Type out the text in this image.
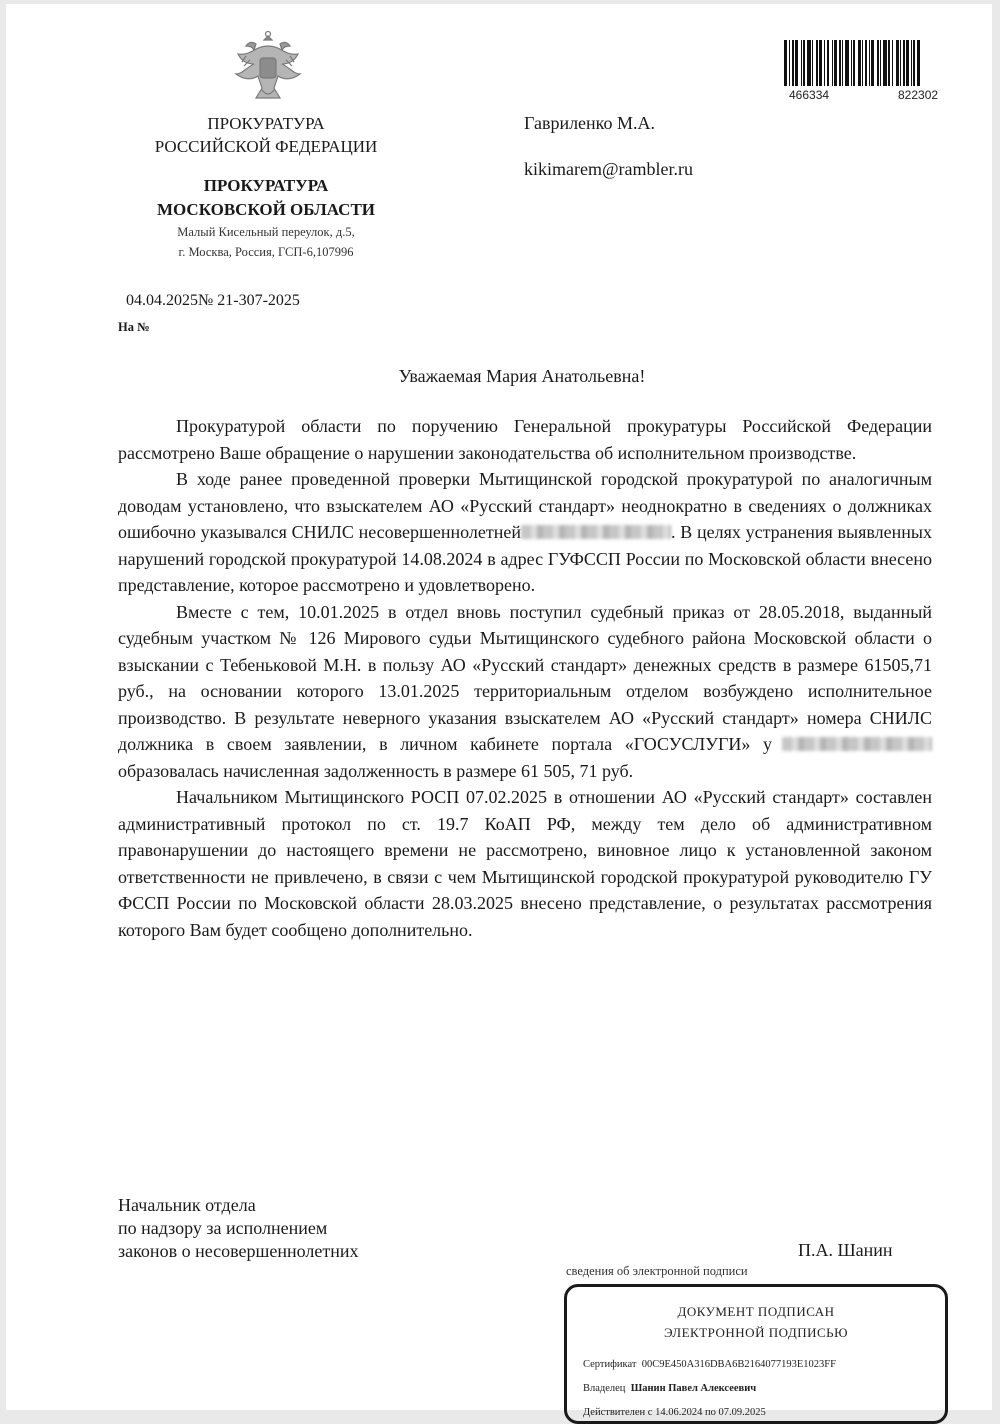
ПРОКУРАТУРА
РОССИЙСКОЙ ФЕДЕРАЦИИ
ПРОКУРАТУРА
МОСКОВСКОЙ ОБЛАСТИ
Малый Кисельный переулок, д.5,
г. Москва, Россия, ГСП-6,107996
04.04.2025№ 21-307-2025
На №
Гавриленко М.А.
kikimarem@rambler.ru
466334	822302
Уважаемая Мария Анатольевна!

Прокуратурой области по поручению Генеральной прокуратуры Российской Федерации рассмотрено Ваше обращение о нарушении законодательства об исполнительном производстве.

В ходе ранее проведенной проверки Мытищинской городской прокуратурой по аналогичным доводам установлено, что взыскателем АО «Русский стандарт» неоднократно в сведениях о должниках ошибочно указывался СНИЛС несовершеннолетней	. В целях устранения выявленных нарушений городской прокуратурой 14.08.2024 в адрес ГУФССП России по Московской области внесено представление, которое рассмотрено и удовлетворено.

Вместе с тем, 10.01.2025 в отдел вновь поступил судебный приказ от 28.05.2018, выданный судебным участком № 126 Мирового судьи Мытищинского судебного района Московской области о взыскании с Тебеньковой М.Н. в пользу АО «Русский стандарт» денежных средств в размере 61505,71 руб., на основании которого 13.01.2025 территориальным отделом возбуждено исполнительное производство. В результате неверного указания взыскателем АО «Русский стандарт» номера СНИЛС должника в своем заявлении, в личном кабинете портала «ГОСУСЛУГИ» у образовалась начисленная задолженность в размере 61 505, 71 руб.

Начальником Мытищинского РОСП 07.02.2025 в отношении АО «Русский стандарт» составлен административный протокол по ст. 19.7 КоАП РФ, между тем дело об административном правонарушении до настоящего времени не рассмотрено, виновное лицо к установленной законом ответственности не привлечено, в связи с чем Мытищинской городской прокуратурой руководителю ГУ ФССП России по Московской области 28.03.2025 внесено представление, о результатах рассмотрения которого Вам будет сообщено дополнительно.

Начальник отдела
по надзору за исполнением
законов о несовершеннолетних	П.А. Шанин
сведения об электронной подписи
ДОКУМЕНТ ПОДПИСАН
ЭЛЕКТРОННОЙ ПОДПИСЬЮ
Сертификат 00C9E450A316DBA6B2164077193E1023FF
Владелец Шанин Павел Алексеевич
Действителен с 14.06.2024 по 07.09.2025
